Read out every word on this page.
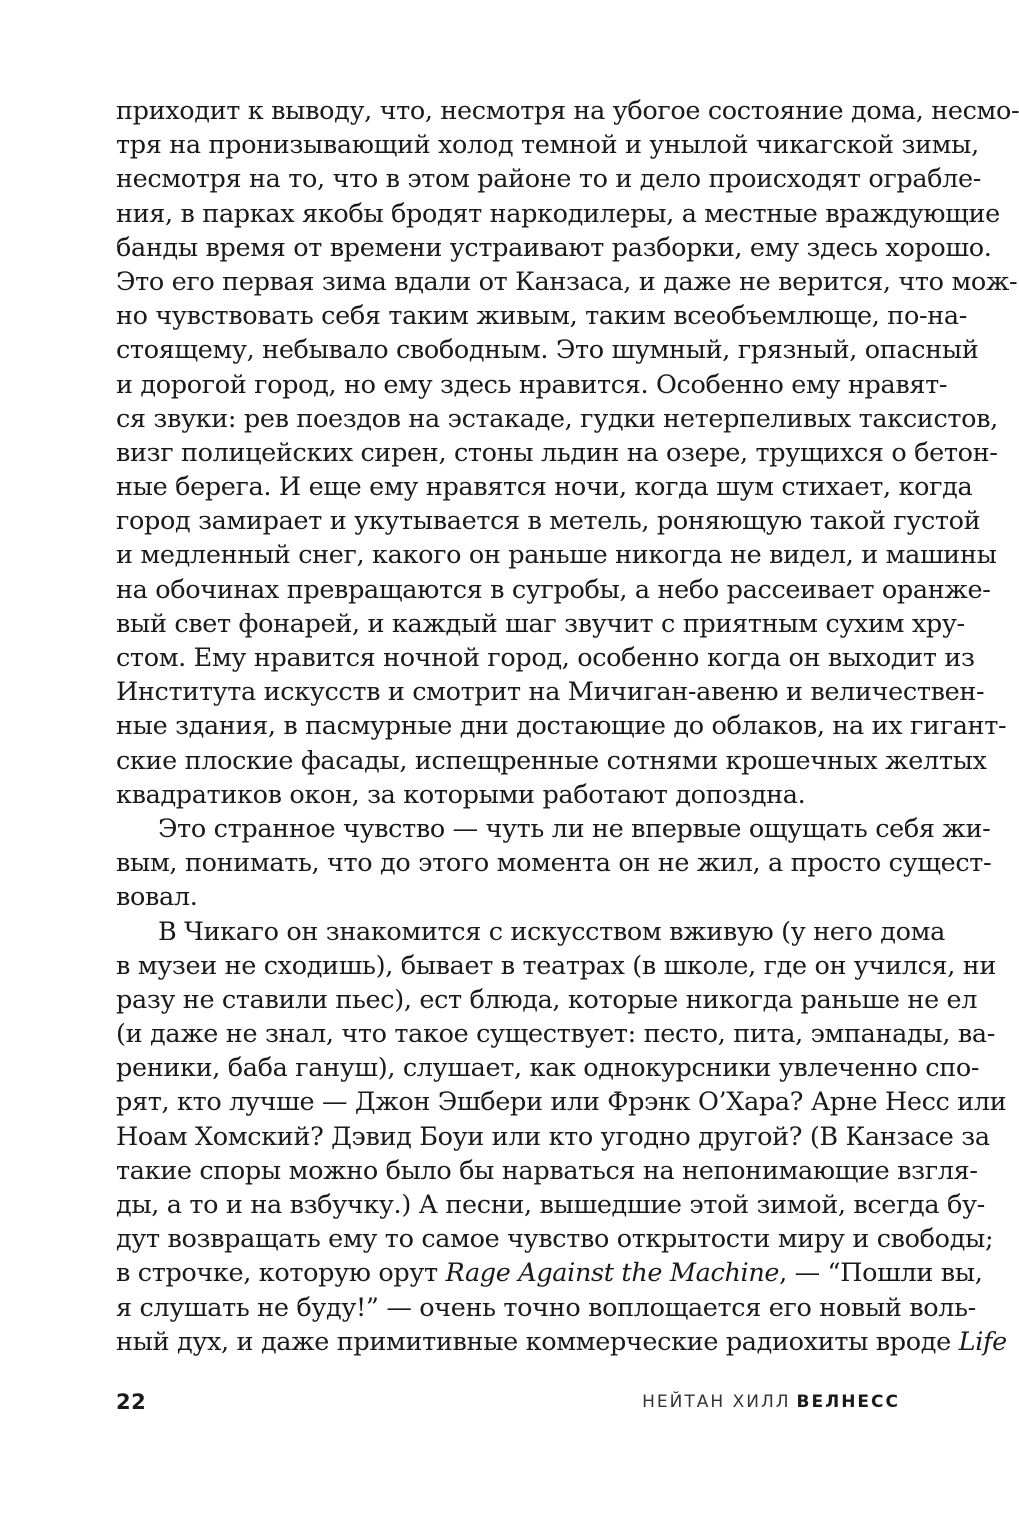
приходит к выводу, что, несмотря на убогое состояние дома, несмо-
тря на пронизывающий холод темной и унылой чикагской зимы,
несмотря на то, что в этом районе то и дело происходят ограбле-
ния, в парках якобы бродят наркодилеры, а местные враждующие
банды время от времени устраивают разборки, ему здесь хорошо.
Это его первая зима вдали от Канзаса, и даже не верится, что мож-
но чувствовать себя таким живым, таким всеобъемлюще, по-на-
стоящему, небывало свободным. Это шумный, грязный, опасный
и дорогой город, но ему здесь нравится. Особенно ему нравят-
ся звуки: рев поездов на эстакаде, гудки нетерпеливых таксистов,
визг полицейских сирен, стоны льдин на озере, трущихся о бетон-
ные берега. И еще ему нравятся ночи, когда шум стихает, когда
город замирает и укутывается в метель, роняющую такой густой
и медленный снег, какого он раньше никогда не видел, и машины
на обочинах превращаются в сугробы, а небо рассеивает оранже-
вый свет фонарей, и каждый шаг звучит с приятным сухим хру-
стом. Ему нравится ночной город, особенно когда он выходит из
Института искусств и смотрит на Мичиган-авеню и величествен-
ные здания, в пасмурные дни достающие до облаков, на их гигант-
ские плоские фасады, испещренные сотнями крошечных желтых
квадратиков окон, за которыми работают допоздна.
Это странное чувство — чуть ли не впервые ощущать себя жи-
вым, понимать, что до этого момента он не жил, а просто сущест-
вовал.
В Чикаго он знакомится с искусством вживую (у него дома
в музеи не сходишь), бывает в театрах (в школе, где он учился, ни
разу не ставили пьес), ест блюда, которые никогда раньше не ел
(и даже не знал, что такое существует: песто, пита, эмпанады, ва-
реники, баба гануш), слушает, как однокурсники увлеченно спо-
рят, кто лучше — Джон Эшбери или Фрэнк О’Хара? Арне Несс или
Ноам Хомский? Дэвид Боуи или кто угодно другой? (В Канзасе за
такие споры можно было бы нарваться на непонимающие взгля-
ды, а то и на взбучку.) А песни, вышедшие этой зимой, всегда бу-
дут возвращать ему то самое чувство открытости миру и свободы;
в строчке, которую орут Rage Against the Machine, — “Пошли вы,
я слушать не буду!” — очень точно воплощается его новый воль-
ный дух, и даже примитивные коммерческие радиохиты вроде Life
22	НЕЙТАН ХИЛЛ ВЕЛНЕСС
